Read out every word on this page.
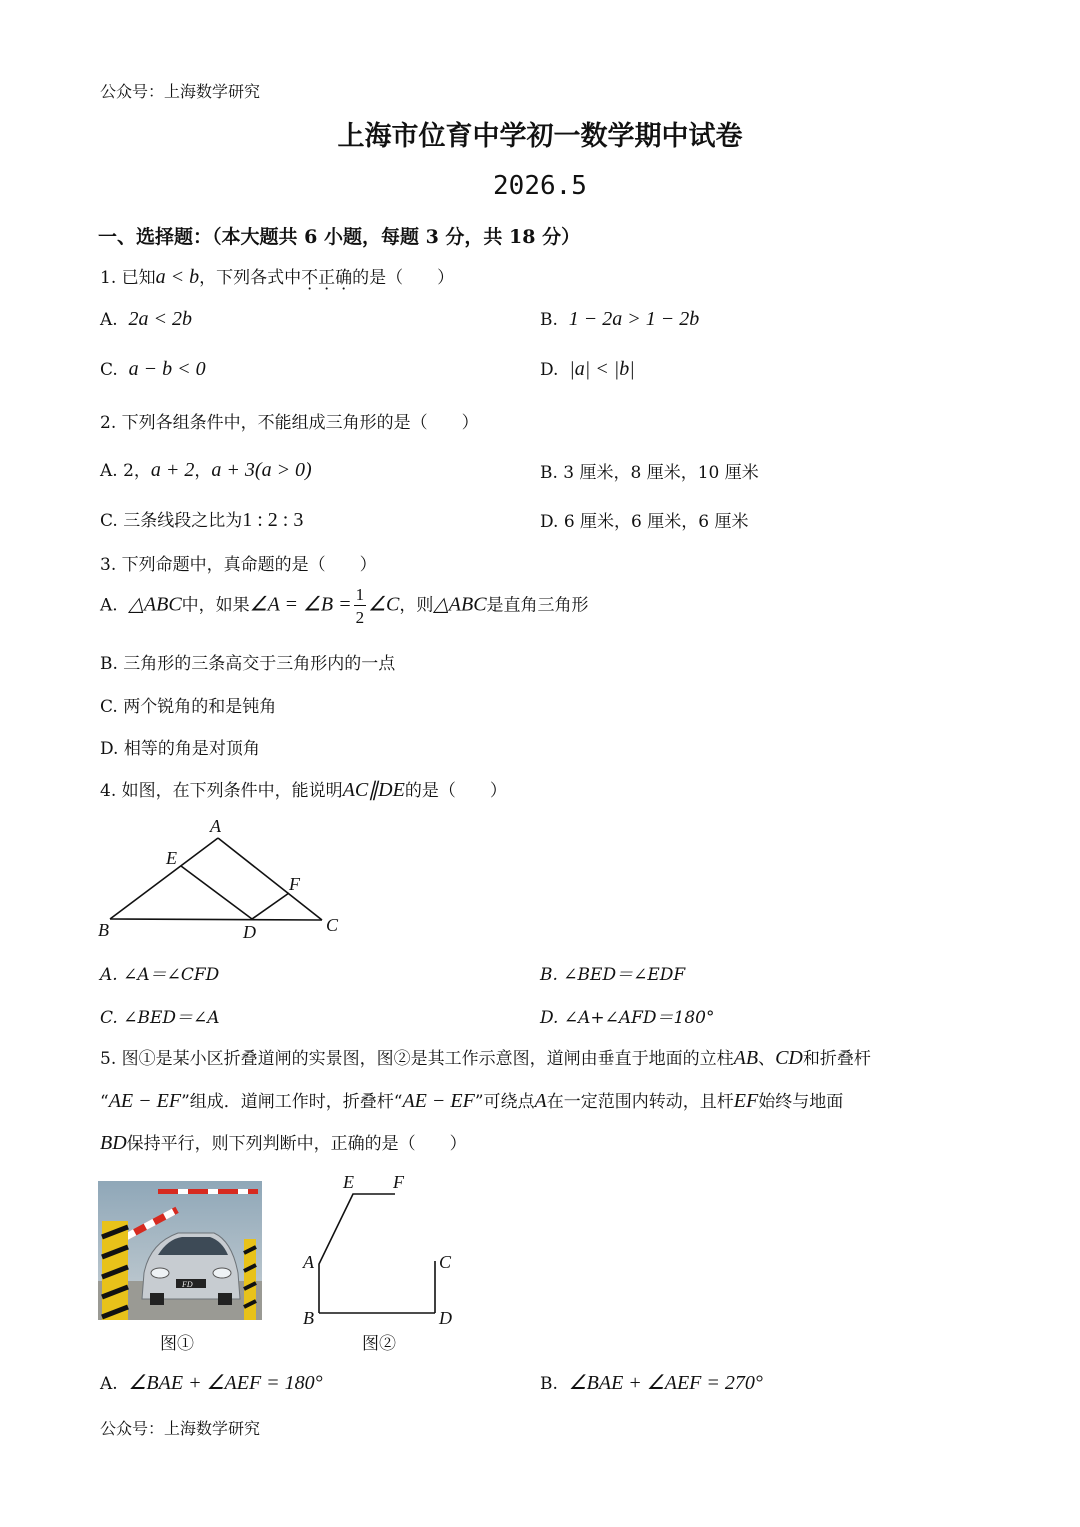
公众号：上海数学研究
上海市位育中学初一数学期中试卷
2026.5
一、选择题：（本大题共 6 小题，每题 3 分，共 18 分）
1. 已知a < b，下列各式中不正确的是（　　）
A. 2a < 2b	B. 1 − 2a > 1 − 2b
C. a − b < 0	D. |a| < |b|
2. 下列各组条件中，不能组成三角形的是（　　）
A. 2，a + 2，a + 3(a > 0)	B. 3 厘米，8 厘米，10 厘米
C. 三条线段之比为1 : 2 : 3	D. 6 厘米，6 厘米，6 厘米
3. 下列命题中，真命题的是（　　）
A. △ABC中，如果∠A = ∠B = $\frac{1}{2}$ ∠C，则△ABC是直角三角形
B. 三角形的三条高交于三角形内的一点
C. 两个锐角的和是钝角
D. 相等的角是对顶角
4. 如图，在下列条件中，能说明AC∥DE的是（　　）
A
E
F
B	D	C
A. ∠A＝∠CFD	B. ∠BED＝∠EDF
C. ∠BED＝∠A	D. ∠A+∠AFD＝180°
5. 图①是某小区折叠道闸的实景图，图②是其工作示意图，道闸由垂直于地面的立柱AB、CD和折叠杆
“AE − EF”组成．道闸工作时，折叠杆“AE − EF”可绕点A在一定范围内转动，且杆EF始终与地面
BD保持平行，则下列判断中，正确的是（　　）
FD
图①
E F
A	C
B	D
图②
A. ∠BAE + ∠AEF = 180°	B. ∠BAE + ∠AEF = 270°
公众号：上海数学研究
